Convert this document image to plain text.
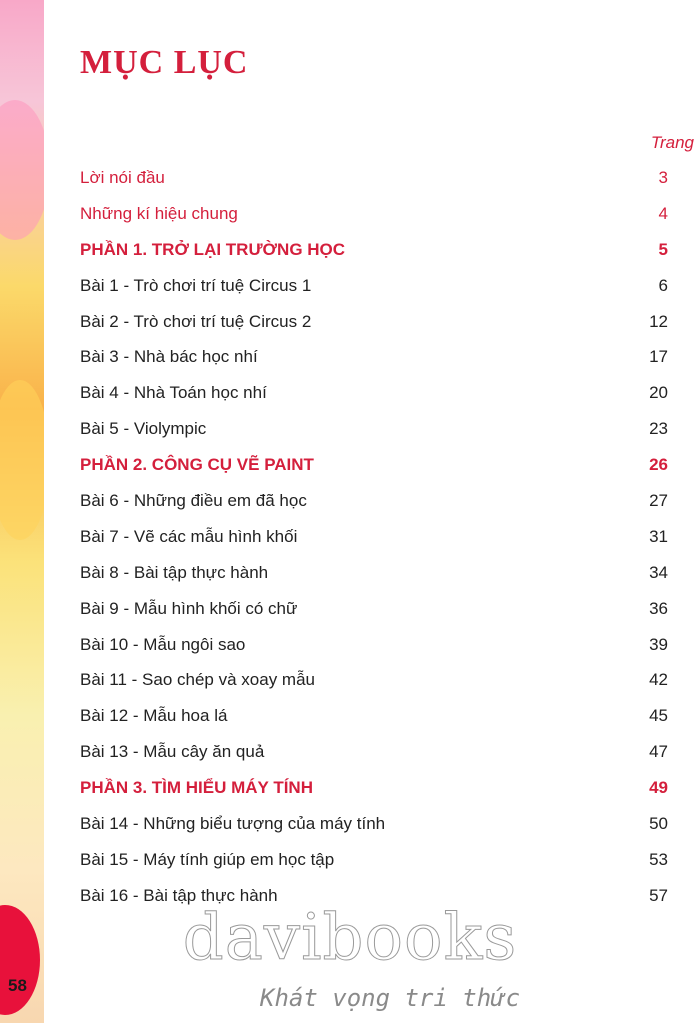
58
MỤC LỤC
Trang
Lời nói đầu	3
Những kí hiệu chung	4
PHẦN 1. TRỞ LẠI TRƯỜNG HỌC	5
Bài 1 - Trò chơi trí tuệ Circus 1	6
Bài 2 - Trò chơi trí tuệ Circus 2	12
Bài 3 - Nhà bác học nhí	17
Bài 4 - Nhà Toán học nhí	20
Bài 5 - Violympic	23
PHẦN 2. CÔNG CỤ VẼ PAINT	26
Bài 6 - Những điều em đã học	27
Bài 7 - Vẽ các mẫu hình khối	31
Bài 8 - Bài tập thực hành	34
Bài 9 - Mẫu hình khối có chữ	36
Bài 10 - Mẫu ngôi sao	39
Bài 11 - Sao chép và xoay mẫu	42
Bài 12 - Mẫu hoa lá	45
Bài 13 - Mẫu cây ăn quả	47
PHẦN 3. TÌM HIỂU MÁY TÍNH	49
Bài 14 - Những biểu tượng của máy tính	50
Bài 15 - Máy tính giúp em học tập	53
Bài 16 - Bài tập thực hành	57
davibooks
Khát vọng tri thức
